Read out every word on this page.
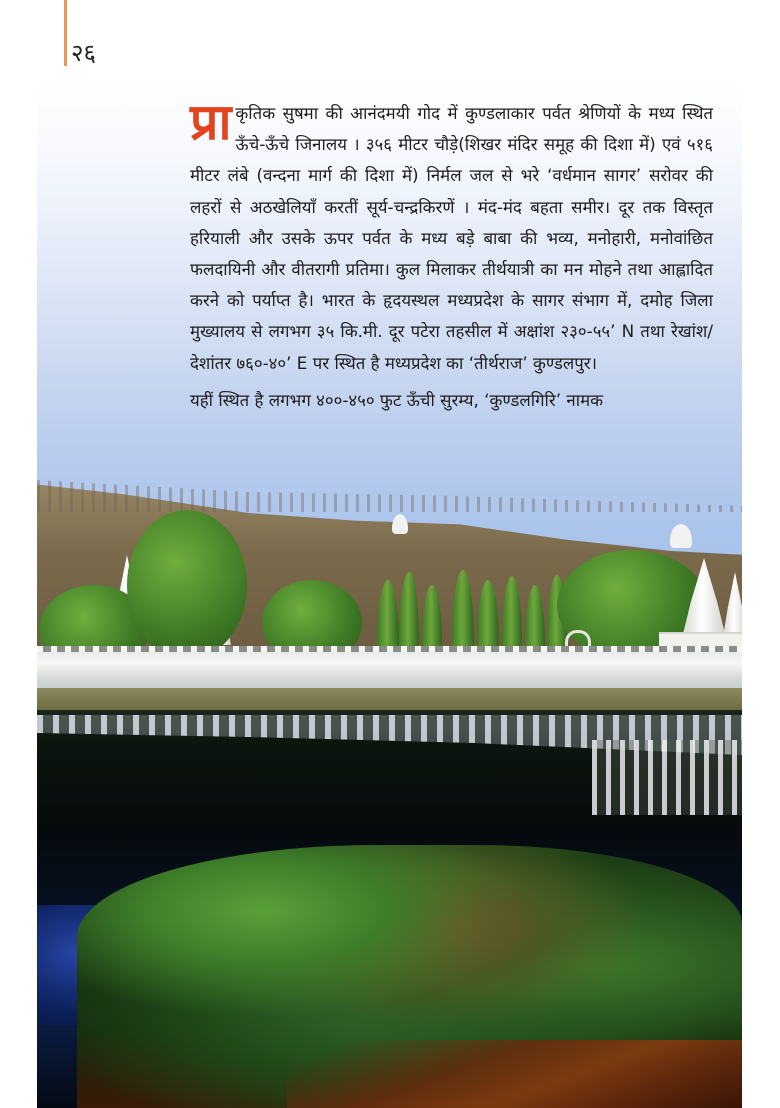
२६

प्रा कृतिक सुषमा की आनंदमयी गोद में कुण्डलाकार पर्वत श्रेणियों के मध्य स्थित ऊँचे-ऊँचे जिनालय । ३५६ मीटर चौड़े(शिखर मंदिर समूह की दिशा में) एवं ५१६ मीटर लंबे (वन्दना मार्ग की दिशा में) निर्मल जल से भरे ‘वर्धमान सागर’ सरोवर की लहरों से अठखेलियाँ करतीं सूर्य-चन्द्रकिरणें । मंद-मंद बहता समीर। दूर तक विस्तृत हरियाली और उसके ऊपर पर्वत के मध्य बड़े बाबा की भव्य, मनोहारी, मनोवांछित फलदायिनी और वीतरागी प्रतिमा। कुल मिलाकर तीर्थयात्री का मन मोहने तथा आह्लादित करने को पर्याप्त है। भारत के हृदयस्थल मध्यप्रदेश के सागर संभाग में, दमोह जिला मुख्यालय से लगभग ३५ कि.मी. दूर पटेरा तहसील में अक्षांश २३०-५५’ N तथा रेखांश/देशांतर ७६०-४०’ E पर स्थित है मध्यप्रदेश का ‘तीर्थराज’ कुण्डलपुर।

यहीं स्थित है लगभग ४००-४५० फुट ऊँची सुरम्य, ‘कुण्डलगिरि’ नामक
